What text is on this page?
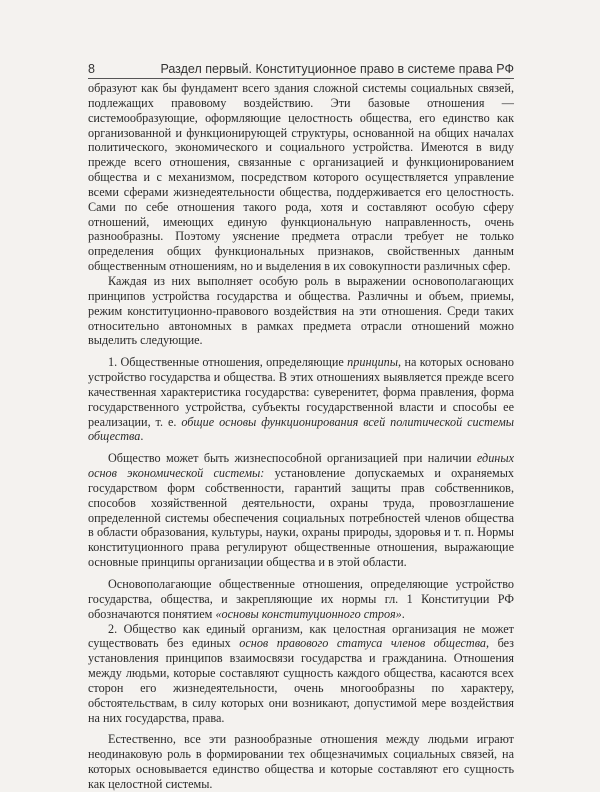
8	Раздел первый. Конституционное право в системе права РФ

образуют как бы фундамент всего здания сложной системы социальных связей, подлежащих правовому воздействию. Эти базовые отношения — системообразующие, оформляющие целостность общества, его единство как организованной и функционирующей структуры, основанной на общих началах политического, экономического и социального устройства. Имеются в виду прежде всего отношения, связанные с организацией и функционированием общества и с механизмом, посредством которого осуществляется управление всеми сферами жизнедеятельности общества, поддерживается его целостность. Сами по себе отношения такого рода, хотя и составляют особую сферу отношений, имеющих единую функциональную направленность, очень разнообразны. Поэтому уяснение предмета отрасли требует не только определения общих функциональных признаков, свойственных данным общественным отношениям, но и выделения в их совокупности различных сфер.

Каждая из них выполняет особую роль в выражении основополагающих принципов устройства государства и общества. Различны и объем, приемы, режим конституционно-правового воздействия на эти отношения. Среди таких относительно автономных в рамках предмета отрасли отношений можно выделить следующие.

1. Общественные отношения, определяющие принципы, на которых основано устройство государства и общества. В этих отношениях выявляется прежде всего качественная характеристика государства: суверенитет, форма правления, форма государственного устройства, субъекты государственной власти и способы ее реализации, т. е. общие основы функционирования всей политической системы общества.

Общество может быть жизнеспособной организацией при наличии единых основ экономической системы: установление допускаемых и охраняемых государством форм собственности, гарантий защиты прав собственников, способов хозяйственной деятельности, охраны труда, провозглашение определенной системы обеспечения социальных потребностей членов общества в области образования, культуры, науки, охраны природы, здоровья и т. п. Нормы конституционного права регулируют общественные отношения, выражающие основные принципы организации общества и в этой области.

Основополагающие общественные отношения, определяющие устройство государства, общества, и закрепляющие их нормы гл. 1 Конституции РФ обозначаются понятием «основы конституционного строя».

2. Общество как единый организм, как целостная организация не может существовать без единых основ правового статуса членов общества, без установления принципов взаимосвязи государства и гражданина. Отношения между людьми, которые составляют сущность каждого общества, касаются всех сторон его жизнедеятельности, очень многообразны по характеру, обстоятельствам, в силу которых они возникают, допустимой мере воздействия на них государства, права.

Естественно, все эти разнообразные отношения между людьми играют неодинаковую роль в формировании тех общезначимых социальных связей, на которых основывается единство общества и которые составляют его сущность как целостной системы.
